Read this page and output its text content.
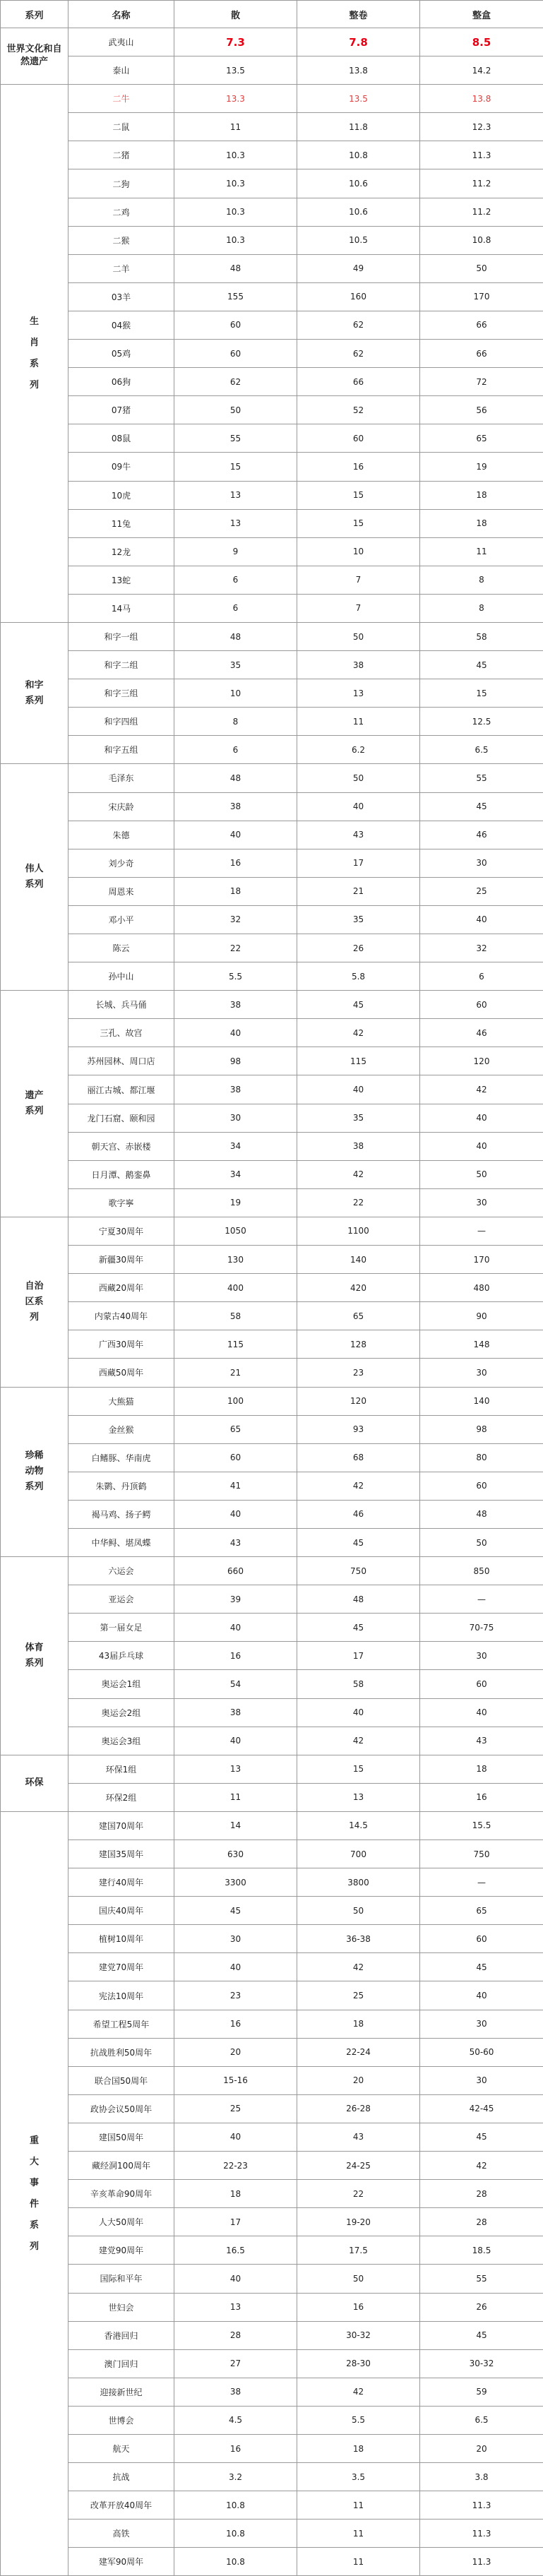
系列	名称	散	整卷	整盒
世界文化和自然遗产	武夷山	7.3	7.8	8.5
	泰山	13.5	13.8	14.2
生肖系列	二牛	13.3	13.5	13.8
	二鼠	11	11.8	12.3
	二猪	10.3	10.8	11.3
	二狗	10.3	10.6	11.2
	二鸡	10.3	10.6	11.2
	二猴	10.3	10.5	10.8
	二羊	48	49	50
	03羊	155	160	170
	04猴	60	62	66
	05鸡	60	62	66
	06狗	62	66	72
	07猪	50	52	56
	08鼠	55	60	65
	09牛	15	16	19
	10虎	13	15	18
	11兔	13	15	18
	12龙	9	10	11
	13蛇	6	7	8
	14马	6	7	8
和字系列	和字一组	48	50	58
	和字二组	35	38	45
	和字三组	10	13	15
	和字四组	8	11	12.5
	和字五组	6	6.2	6.5
伟人系列	毛泽东	48	50	55
	宋庆龄	38	40	45
	朱德	40	43	46
	刘少奇	16	17	30
	周恩来	18	21	25
	邓小平	32	35	40
	陈云	22	26	32
	孙中山	5.5	5.8	6
遗产系列	长城、兵马俑	38	45	60
	三孔、故宫	40	42	46
	苏州园林、周口店	98	115	120
	丽江古城、都江堰	38	40	42
	龙门石窟、颐和园	30	35	40
	朝天宫、赤嵌楼	34	38	40
	日月潭、鹅銮鼻	34	42	50
	歌字寧	19	22	30
自治区系列	宁夏30周年	1050	1100	—
	新疆30周年	130	140	170
	西藏20周年	400	420	480
	内蒙古40周年	58	65	90
	广西30周年	115	128	148
	西藏50周年	21	23	30
珍稀动物系列	大熊猫	100	120	140
	金丝猴	65	93	98
	白鳍豚、华南虎	60	68	80
	朱鹮、丹顶鹤	41	42	60
	褐马鸡、扬子鳄	40	46	48
	中华鲟、堪凤蝶	43	45	50
体育系列	六运会	660	750	850
	亚运会	39	48	—
	第一届女足	40	45	70-75
	43届乒乓球	16	17	30
	奥运会1组	54	58	60
	奥运会2组	38	40	40
	奥运会3组	40	42	43
环保	环保1组	13	15	18
	环保2组	11	13	16
重大事件系列	建国70周年	14	14.5	15.5
	建国35周年	630	700	750
	建行40周年	3300	3800	—
	国庆40周年	45	50	65
	植树10周年	30	36-38	60
	建党70周年	40	42	45
	宪法10周年	23	25	40
	希望工程5周年	16	18	30
	抗战胜利50周年	20	22-24	50-60
	联合国50周年	15-16	20	30
	政协会议50周年	25	26-28	42-45
	建国50周年	40	43	45
	藏经洞100周年	22-23	24-25	42
	辛亥革命90周年	18	22	28
	人大50周年	17	19-20	28
	建党90周年	16.5	17.5	18.5
	国际和平年	40	50	55
	世妇会	13	16	26
	香港回归	28	30-32	45
	澳门回归	27	28-30	30-32
	迎接新世纪	38	42	59
	世博会	4.5	5.5	6.5
	航天	16	18	20
	抗战	3.2	3.5	3.8
	改革开放40周年	10.8	11	11.3
	高铁	10.8	11	11.3
	建军90周年	10.8	11	11.3
